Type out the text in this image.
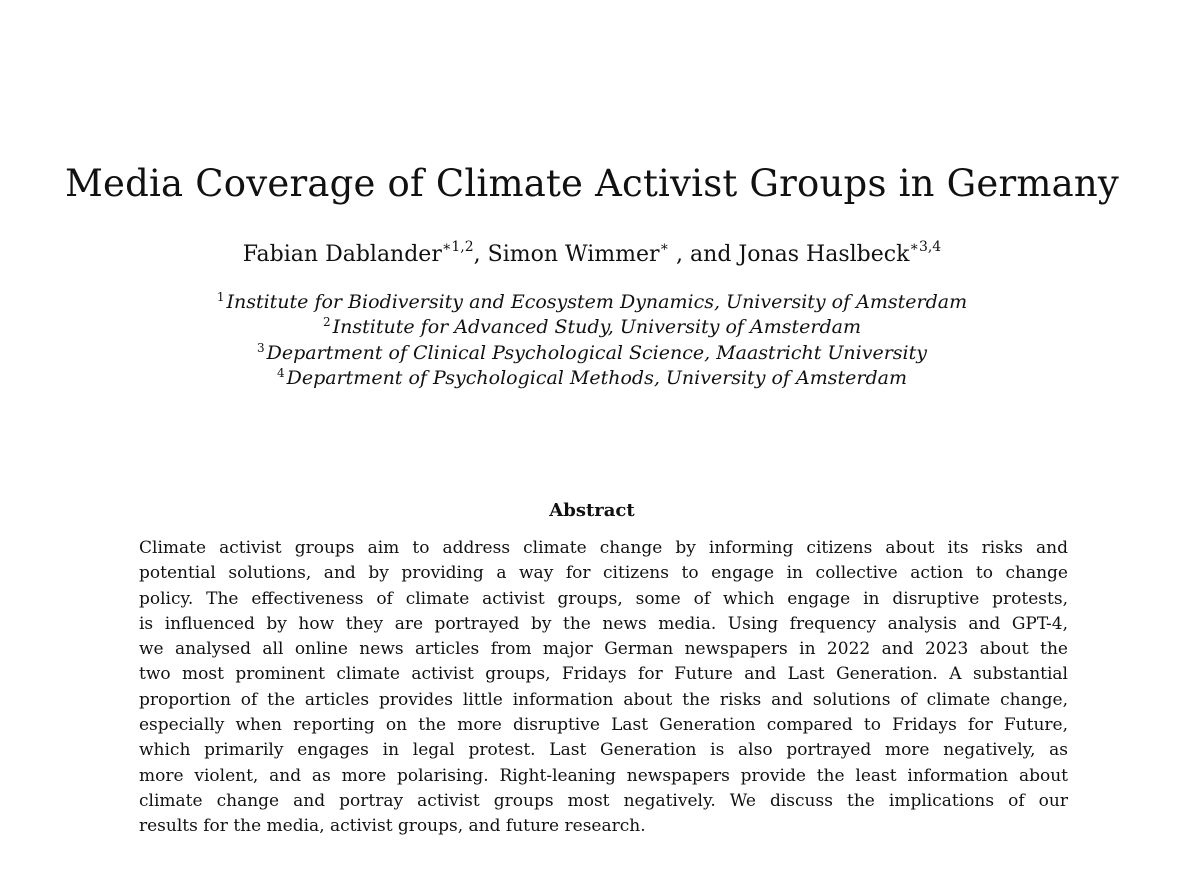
Media Coverage of Climate Activist Groups in Germany

Fabian Dablander$^{∗1,2}$, Simon Wimmer∗ , and Jonas Haslbeck$^{∗3,4}$

$^1$ Institute for Biodiversity and Ecosystem Dynamics, University of Amsterdam
$^2$ Institute for Advanced Study, University of Amsterdam
$^3$ Department of Clinical Psychological Science, Maastricht University
$^4$ Department of Psychological Methods, University of Amsterdam
Abstract
Climate activist groups aim to address climate change by informing citizens about its risks and
potential solutions, and by providing a way for citizens to engage in collective action to change
policy. The effectiveness of climate activist groups, some of which engage in disruptive protests,
is influenced by how they are portrayed by the news media. Using frequency analysis and GPT-4,
we analysed all online news articles from major German newspapers in 2022 and 2023 about the
two most prominent climate activist groups, Fridays for Future and Last Generation. A substantial
proportion of the articles provides little information about the risks and solutions of climate change,
especially when reporting on the more disruptive Last Generation compared to Fridays for Future,
which primarily engages in legal protest. Last Generation is also portrayed more negatively, as
more violent, and as more polarising. Right-leaning newspapers provide the least information about
climate change and portray activist groups most negatively. We discuss the implications of our
results for the media, activist groups, and future research.
